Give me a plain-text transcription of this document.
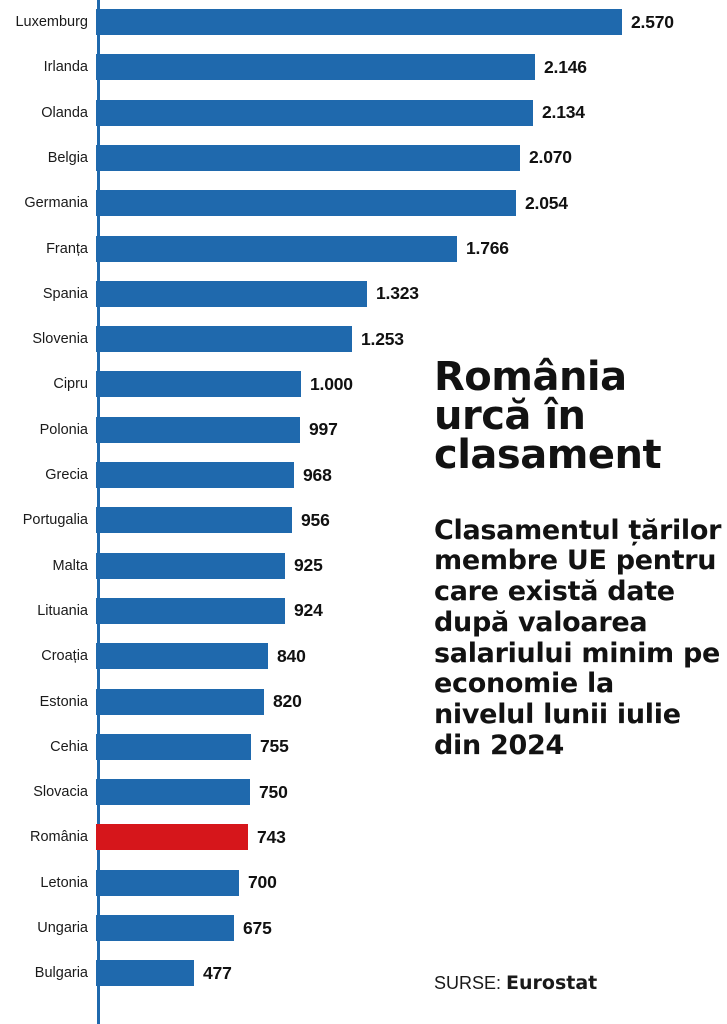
Luxemburg	2.570
Irlanda	2.146
Olanda	2.134
Belgia	2.070
Germania	2.054
Franța	1.766
Spania	1.323
Slovenia	1.253
Cipru	1.000
Polonia	997
Grecia	968
Portugalia	956
Malta	925
Lituania	924
Croația	840
Estonia	820
Cehia	755
Slovacia	750
România	743
Letonia	700
Ungaria	675
Bulgaria	477
România urcă în clasament
Clasamentul țărilor membre UE pentru care există date după valoarea salariului minim pe economie la nivelul lunii iulie din 2024
SURSE: Eurostat
